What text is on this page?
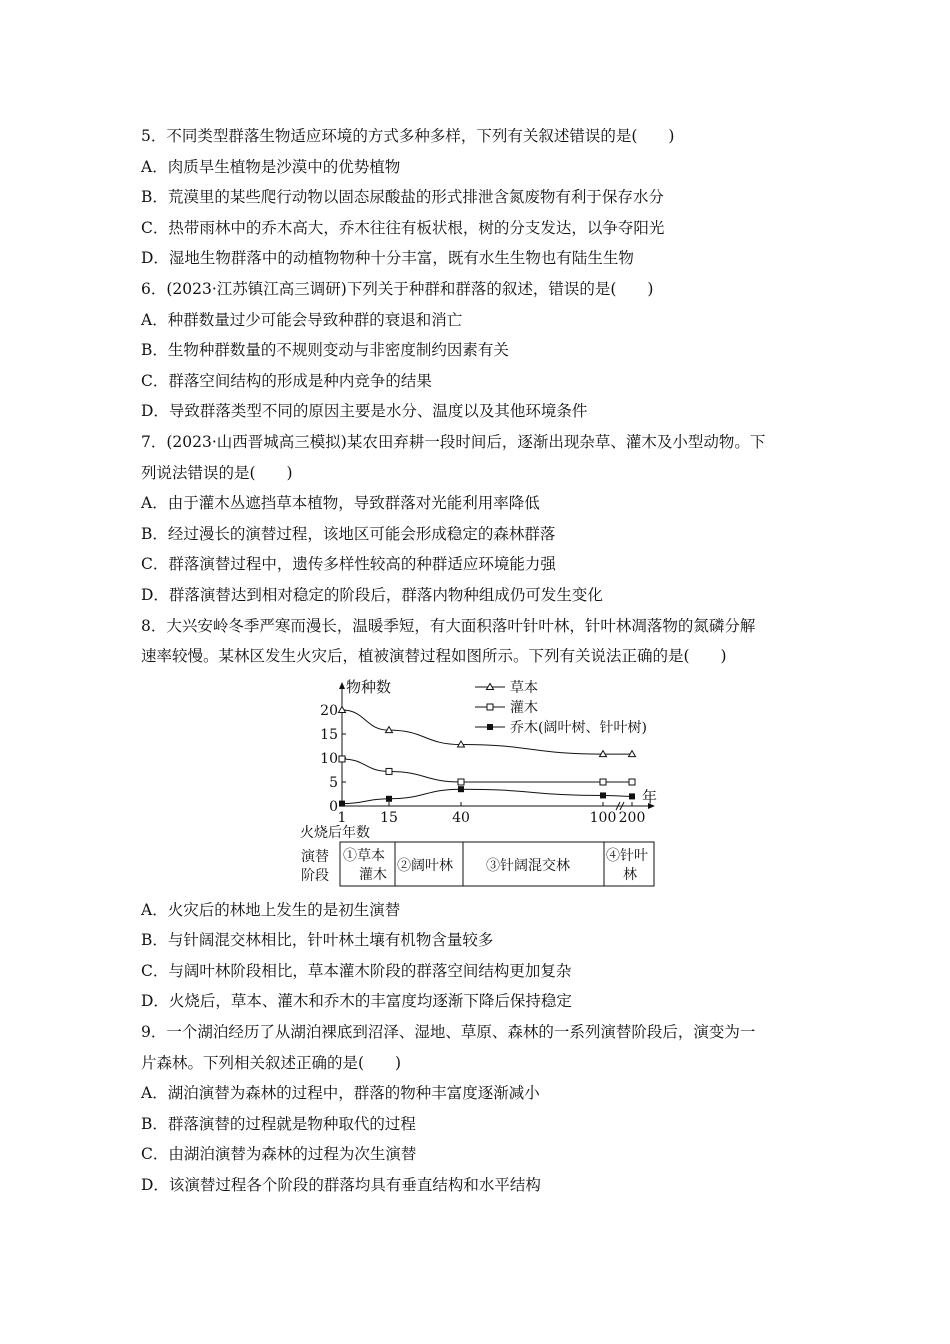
5．不同类型群落生物适应环境的方式多种多样，下列有关叙述错误的是(　　)
A．肉质旱生植物是沙漠中的优势植物
B．荒漠里的某些爬行动物以固态尿酸盐的形式排泄含氮废物有利于保存水分
C．热带雨林中的乔木高大，乔木往往有板状根，树的分支发达，以争夺阳光
D．湿地生物群落中的动植物物种十分丰富，既有水生生物也有陆生生物
6．(2023·江苏镇江高三调研)下列关于种群和群落的叙述，错误的是(　　)
A．种群数量过少可能会导致种群的衰退和消亡
B．生物种群数量的不规则变动与非密度制约因素有关
C．群落空间结构的形成是种内竞争的结果
D．导致群落类型不同的原因主要是水分、温度以及其他环境条件
7．(2023·山西晋城高三模拟)某农田弃耕一段时间后，逐渐出现杂草、灌木及小型动物。下
列说法错误的是(　　)
A．由于灌木丛遮挡草本植物，导致群落对光能利用率降低
B．经过漫长的演替过程，该地区可能会形成稳定的森林群落
C．群落演替过程中，遗传多样性较高的种群适应环境能力强
D．群落演替达到相对稳定的阶段后，群落内物种组成仍可发生变化
8．大兴安岭冬季严寒而漫长，温暖季短，有大面积落叶针叶林，针叶林凋落物的氮磷分解
速率较慢。某林区发生火灾后，植被演替过程如图所示。下列有关说法正确的是(　　)
物种数
年
火烧后年数
0
5
10
15
20
1 15	40	100 200
草本
灌木
乔木(阔叶树、针叶树)
演替
阶段
①草本
灌木
②阔叶林 ③针阔混交林
④针叶
林
A．火灾后的林地上发生的是初生演替
B．与针阔混交林相比，针叶林土壤有机物含量较多
C．与阔叶林阶段相比，草本灌木阶段的群落空间结构更加复杂
D．火烧后，草本、灌木和乔木的丰富度均逐渐下降后保持稳定
9．一个湖泊经历了从湖泊裸底到沼泽、湿地、草原、森林的一系列演替阶段后，演变为一
片森林。下列相关叙述正确的是(　　)
A．湖泊演替为森林的过程中，群落的物种丰富度逐渐减小
B．群落演替的过程就是物种取代的过程
C．由湖泊演替为森林的过程为次生演替
D．该演替过程各个阶段的群落均具有垂直结构和水平结构
